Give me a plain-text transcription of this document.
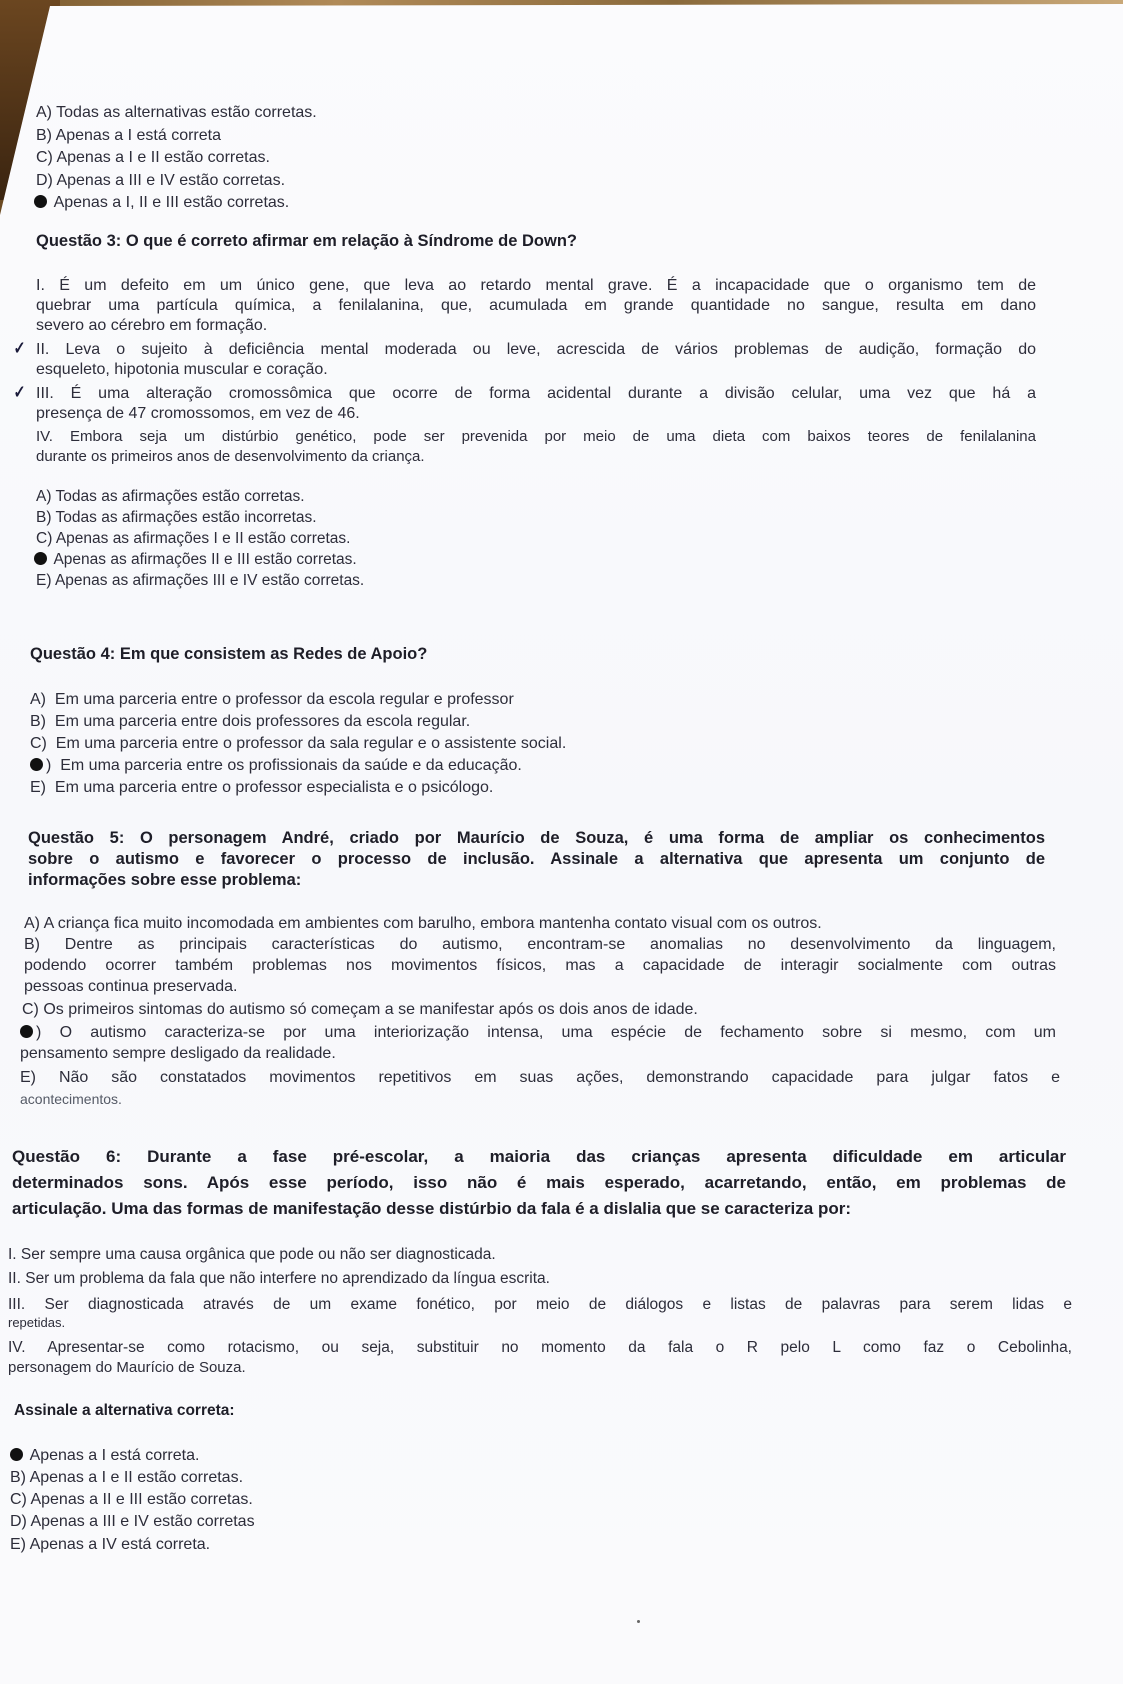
A) Todas as alternativas estão corretas.
B) Apenas a I está correta
C) Apenas a I e II estão corretas.
D) Apenas a III e IV estão corretas.
Apenas a I, II e III estão corretas.
Questão 3: O que é correto afirmar em relação à Síndrome de Down?
I. É um defeito em um único gene, que leva ao retardo mental grave. É a incapacidade que o organismo tem de
quebrar uma partícula química, a fenilalanina, que, acumulada em grande quantidade no sangue, resulta em dano
severo ao cérebro em formação.
✓ II. Leva o sujeito à deficiência mental moderada ou leve, acrescida de vários problemas de audição, formação do
esqueleto, hipotonia muscular e coração.
✓ III. É uma alteração cromossômica que ocorre de forma acidental durante a divisão celular, uma vez que há a
presença de 47 cromossomos, em vez de 46.
IV. Embora seja um distúrbio genético, pode ser prevenida por meio de uma dieta com baixos teores de fenilalanina
durante os primeiros anos de desenvolvimento da criança.
A) Todas as afirmações estão corretas.
B) Todas as afirmações estão incorretas.
C) Apenas as afirmações I e II estão corretas.
Apenas as afirmações II e III estão corretas.
E) Apenas as afirmações III e IV estão corretas.
Questão 4: Em que consistem as Redes de Apoio?
A) Em uma parceria entre o professor da escola regular e professor
B) Em uma parceria entre dois professores da escola regular.
C) Em uma parceria entre o professor da sala regular e o assistente social.
) Em uma parceria entre os profissionais da saúde e da educação.
E) Em uma parceria entre o professor especialista e o psicólogo.
Questão 5: O personagem André, criado por Maurício de Souza, é uma forma de ampliar os conhecimentos
sobre o autismo e favorecer o processo de inclusão. Assinale a alternativa que apresenta um conjunto de
informações sobre esse problema:
A) A criança fica muito incomodada em ambientes com barulho, embora mantenha contato visual com os outros.
B) Dentre as principais características do autismo, encontram-se anomalias no desenvolvimento da linguagem,
podendo ocorrer também problemas nos movimentos físicos, mas a capacidade de interagir socialmente com outras
pessoas continua preservada.
C) Os primeiros sintomas do autismo só começam a se manifestar após os dois anos de idade.
) O autismo caracteriza-se por uma interiorização intensa, uma espécie de fechamento sobre si mesmo, com um
pensamento sempre desligado da realidade.
E) Não são constatados movimentos repetitivos em suas ações, demonstrando capacidade para julgar fatos e
acontecimentos.
Questão 6: Durante a fase pré-escolar, a maioria das crianças apresenta dificuldade em articular
determinados sons. Após esse período, isso não é mais esperado, acarretando, então, em problemas de
articulação. Uma das formas de manifestação desse distúrbio da fala é a dislalia que se caracteriza por:
I. Ser sempre uma causa orgânica que pode ou não ser diagnosticada.
II. Ser um problema da fala que não interfere no aprendizado da língua escrita.
III. Ser diagnosticada através de um exame fonético, por meio de diálogos e listas de palavras para serem lidas e
repetidas.
IV. Apresentar-se como rotacismo, ou seja, substituir no momento da fala o R pelo L como faz o Cebolinha,
personagem do Maurício de Souza.
Assinale a alternativa correta:
Apenas a I está correta.
B) Apenas a I e II estão corretas.
C) Apenas a II e III estão corretas.
D) Apenas a III e IV estão corretas
E) Apenas a IV está correta.
